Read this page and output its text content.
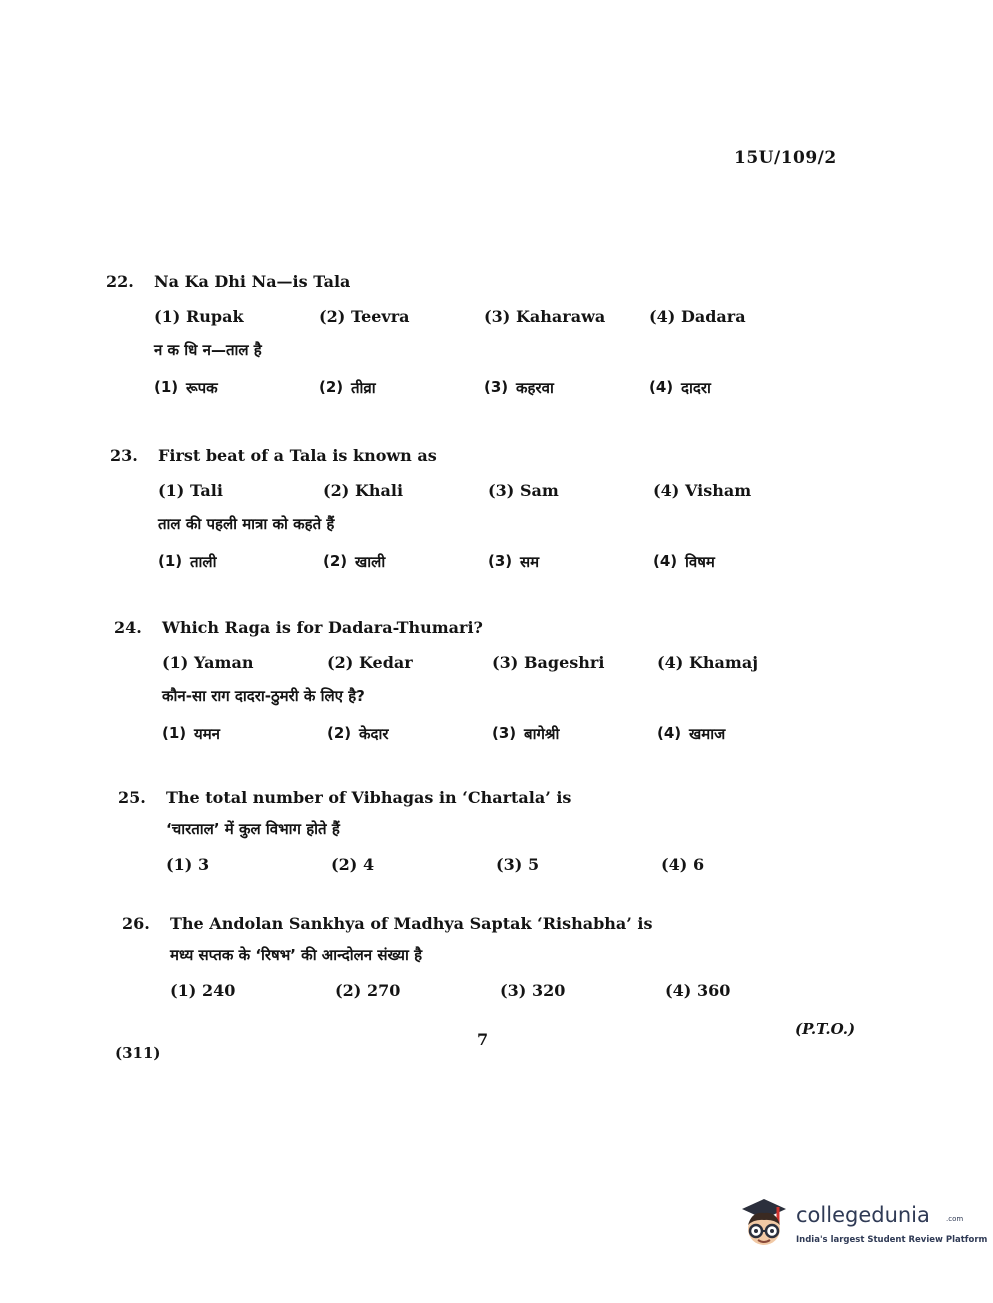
15U/109/2
22.	Na Ka Dhi Na—is Tala
(1) Rupak	(2) Teevra	(3) Kaharawa	(4) Dadara
न क धि न—ताल है
(1) रूपक	(2) तीव्रा	(3) कहरवा	(4) दादरा
23.	First beat of a Tala is known as
(1) Tali	(2) Khali	(3) Sam	(4) Visham
ताल की पहली मात्रा को कहते हैं
(1) ताली	(2) खाली	(3) सम	(4) विषम
24.	Which Raga is for Dadara-Thumari?
(1) Yaman	(2) Kedar	(3) Bageshri	(4) Khamaj
कौन-सा राग दादरा-ठुमरी के लिए है?
(1) यमन	(2) केदार	(3) बागेश्री	(4) खमाज
25.	The total number of Vibhagas in ‘Chartala’ is
‘चारताल’ में कुल विभाग होते हैं
(1) 3	(2) 4	(3) 5	(4) 6
26.	The Andolan Sankhya of Madhya Saptak ‘Rishabha’ is
मध्य सप्तक के ‘रिषभ’ की आन्दोलन संख्या है
(1) 240	(2) 270	(3) 320	(4) 360
(P.T.O.)
7
(311)
collegedunia .com
India's largest Student Review Platform
